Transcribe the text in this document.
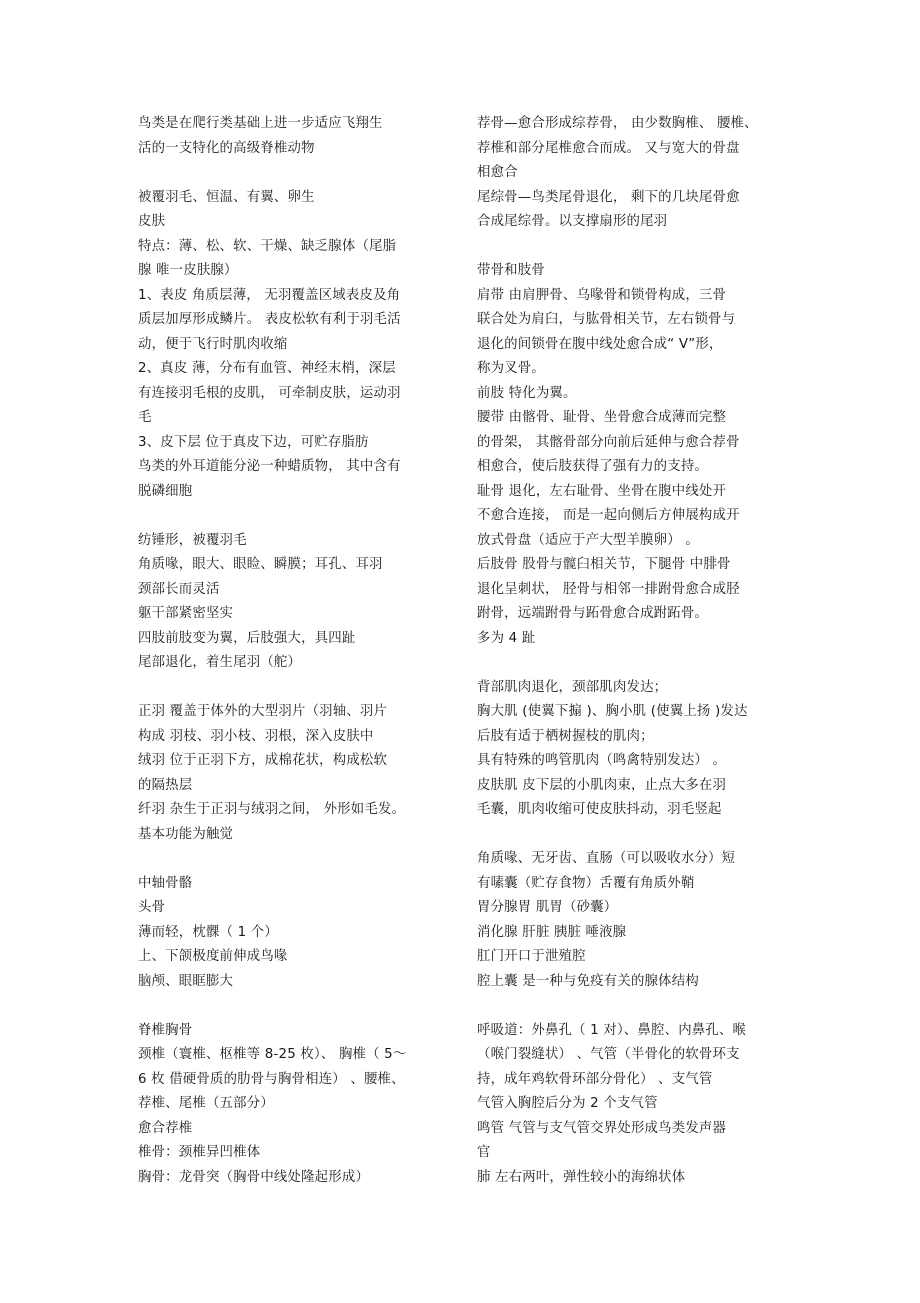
鸟类是在爬行类基础上进一步适应飞翔生
活的一支特化的高级脊椎动物
被覆羽毛、恒温、有翼、卵生
皮肤
特点：薄、松、软、干燥、缺乏腺体（尾脂
腺 唯一皮肤腺）
1、表皮 角质层薄， 无羽覆盖区域表皮及角
质层加厚形成鳞片。 表皮松软有利于羽毛活
动，便于飞行时肌肉收缩
2、真皮 薄，分布有血管、神经末梢，深层
有连接羽毛根的皮肌， 可牵制皮肤，运动羽
毛
3、皮下层 位于真皮下边，可贮存脂肪
鸟类的外耳道能分泌一种蜡质物， 其中含有
脱磷细胞
纺锤形，被覆羽毛
角质喙，眼大、眼睑、瞬膜；耳孔、耳羽
颈部长而灵活
躯干部紧密坚实
四肢前肢变为翼，后肢强大，具四趾
尾部退化，着生尾羽（舵）
正羽 覆盖于体外的大型羽片（羽轴、羽片
构成 羽枝、羽小枝、羽根，深入皮肤中
绒羽 位于正羽下方，成棉花状，构成松软
的隔热层
纤羽 杂生于正羽与绒羽之间， 外形如毛发。
基本功能为触觉
中轴骨骼
头骨
薄而轻，枕髁（ 1 个）
上、下颌极度前伸成鸟喙
脑颅、眼眶膨大
脊椎胸骨
颈椎（寰椎、枢椎等 8-25 枚）、 胸椎（ 5～
6 枚 借硬骨质的肋骨与胸骨相连） 、腰椎、
荐椎、尾椎（五部分）
愈合荐椎
椎骨：颈椎异凹椎体
胸骨：龙骨突（胸骨中线处隆起形成）
荐骨—愈合形成综荐骨， 由少数胸椎、 腰椎、
荐椎和部分尾椎愈合而成。 又与宽大的骨盘
相愈合
尾综骨—鸟类尾骨退化， 剩下的几块尾骨愈
合成尾综骨。以支撑扇形的尾羽
带骨和肢骨
肩带 由肩胛骨、乌喙骨和锁骨构成，三骨
联合处为肩臼，与肱骨相关节，左右锁骨与
退化的间锁骨在腹中线处愈合成“ V”形，
称为叉骨。
前肢 特化为翼。
腰带 由髂骨、耻骨、坐骨愈合成薄而完整
的骨架， 其髂骨部分向前后延伸与愈合荐骨
相愈合，使后肢获得了强有力的支持。
耻骨 退化，左右耻骨、坐骨在腹中线处开
不愈合连接， 而是一起向侧后方伸展构成开
放式骨盘（适应于产大型羊膜卵） 。
后肢骨 股骨与髋臼相关节，下腿骨 中腓骨
退化呈刺状， 胫骨与相邻一排跗骨愈合成胫
跗骨，远端跗骨与跖骨愈合成跗跖骨。
多为 4 趾
背部肌肉退化，颈部肌肉发达；
胸大肌 (使翼下搧 )、胸小肌 (使翼上扬 )发达
后肢有适于栖树握枝的肌肉；
具有特殊的鸣管肌肉（鸣禽特别发达） 。
皮肤肌 皮下层的小肌肉束，止点大多在羽
毛囊，肌肉收缩可使皮肤抖动，羽毛竖起
角质喙、无牙齿、直肠（可以吸收水分）短
有嗉囊（贮存食物）舌覆有角质外鞘
胃分腺胃 肌胃（砂囊）
消化腺 肝脏 胰脏 唾液腺
肛门开口于泄殖腔
腔上囊 是一种与免疫有关的腺体结构
呼吸道：外鼻孔（ 1 对）、鼻腔、内鼻孔、喉
（喉门裂缝状） 、气管（半骨化的软骨环支
持，成年鸡软骨环部分骨化） 、支气管
气管入胸腔后分为 2 个支气管
鸣管 气管与支气管交界处形成鸟类发声器
官
肺 左右两叶，弹性较小的海绵状体
